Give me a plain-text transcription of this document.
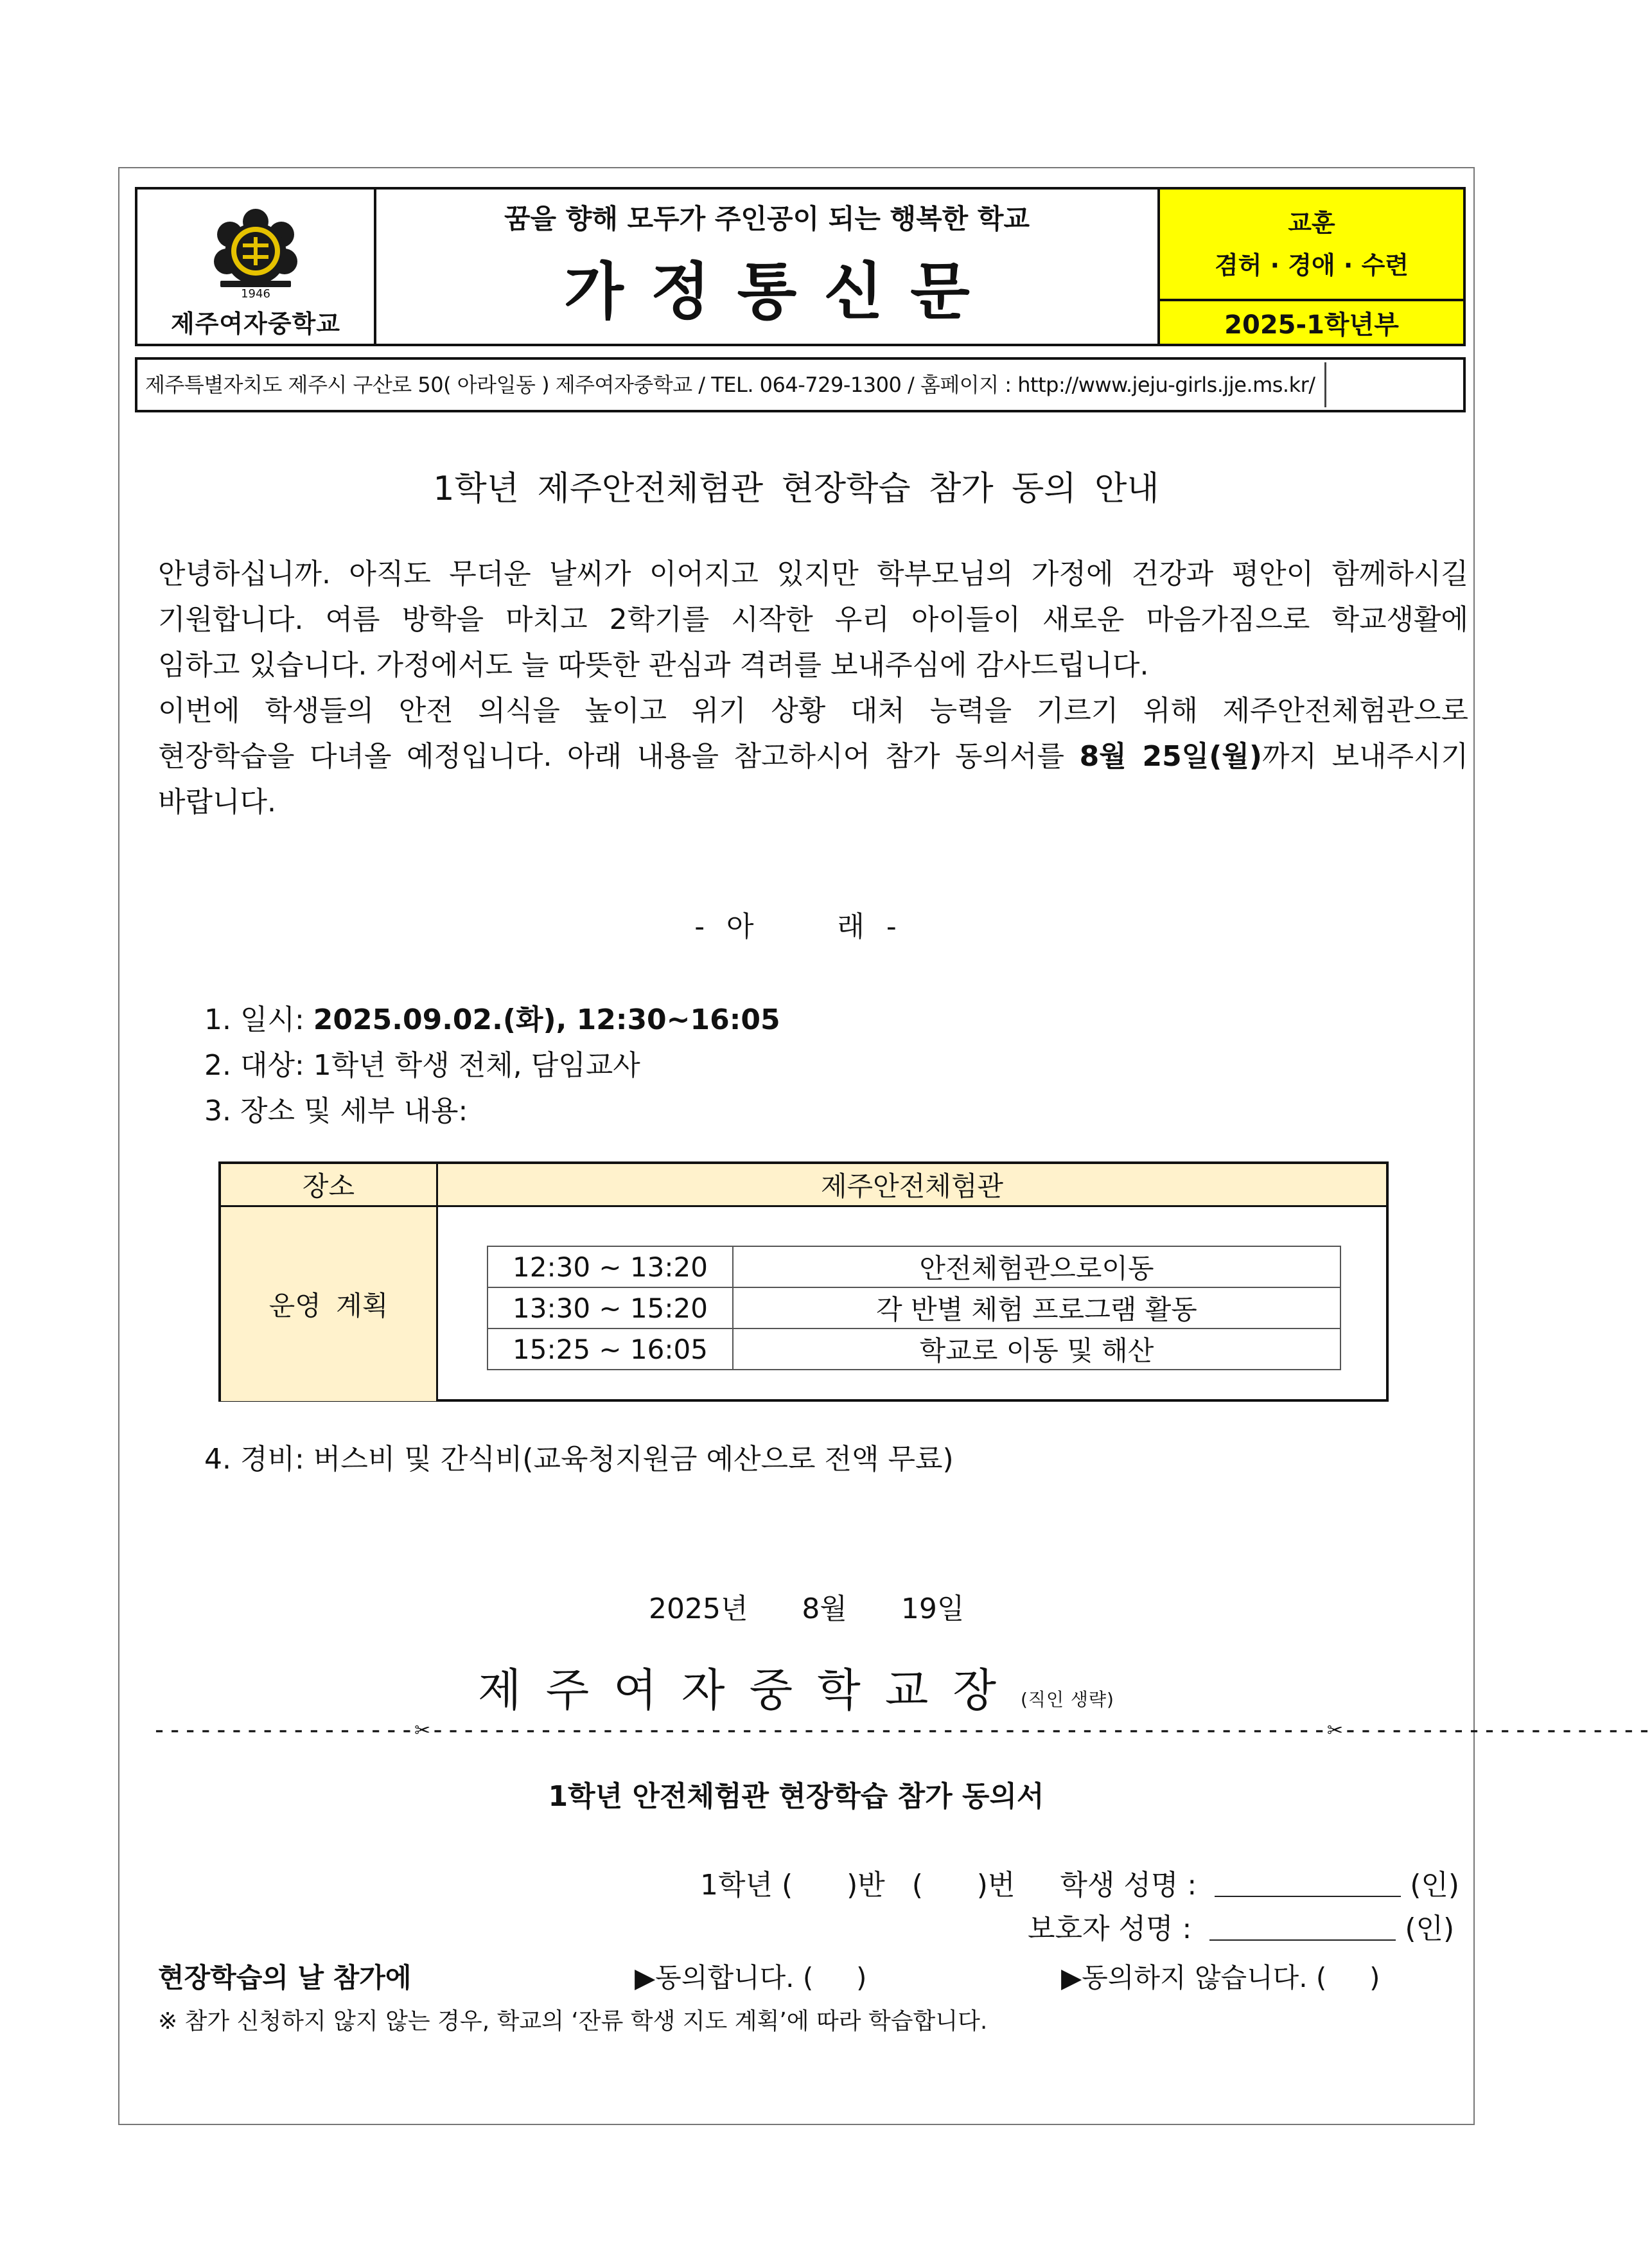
1946
제주여자중학교
꿈을 향해 모두가 주인공이 되는 행복한 학교
가정통신문
교훈
겸허 · 경애 · 수련
2025-1학년부
제주특별자치도 제주시 구산로 50( 아라일동 ) 제주여자중학교 / TEL. 064-729-1300 / 홈페이지 : http://www.jeju-girls.jje.ms.kr/
1학년 제주안전체험관 현장학습 참가 동의 안내

안녕하십니까. 아직도 무더운 날씨가 이어지고 있지만 학부모님의 가정에 건강과 평안이 함께하시길

기원합니다. 여름 방학을 마치고 2학기를 시작한 우리 아이들이 새로운 마음가짐으로 학교생활에

임하고 있습니다. 가정에서도 늘 따뜻한 관심과 격려를 보내주심에 감사드립니다.

이번에 학생들의 안전 의식을 높이고 위기 상황 대처 능력을 기르기 위해 제주안전체험관으로

현장학습을 다녀올 예정입니다. 아래 내용을 참고하시어 참가 동의서를 8월 25일(월)까지 보내주시기

바랍니다.

-  아        래  -
1. 일시: 2025.09.02.(화), 12:30~16:05
2. 대상: 1학년 학생 전체, 담임교사
3. 장소 및 세부 내용:
장소	제주안전체험관
운영 계획
12:30 ~ 13:20	안전체험관으로이동
13:30 ~ 15:20	각 반별 체험 프로그램 활동
15:25 ~ 16:05	학교로 이동 및 해산
4. 경비: 버스비 및 간식비(교육청지원금 예산으로 전액 무료)
2025년 8월 19일
제주여자중학교장(직인 생략)
-----------------✂----------------------------------------------------------✂--------------------
1학년 안전체험관 현장학습 참가 동의서
1학년 (      )반   (      )번 학생 성명 :	(인)
보호자 성명 :	(인)
현장학습의 날 참가에	▶동의합니다. (     )	▶동의하지 않습니다. (     )
※ 참가 신청하지 않지 않는 경우, 학교의 ‘잔류 학생 지도 계획’에 따라 학습합니다.
